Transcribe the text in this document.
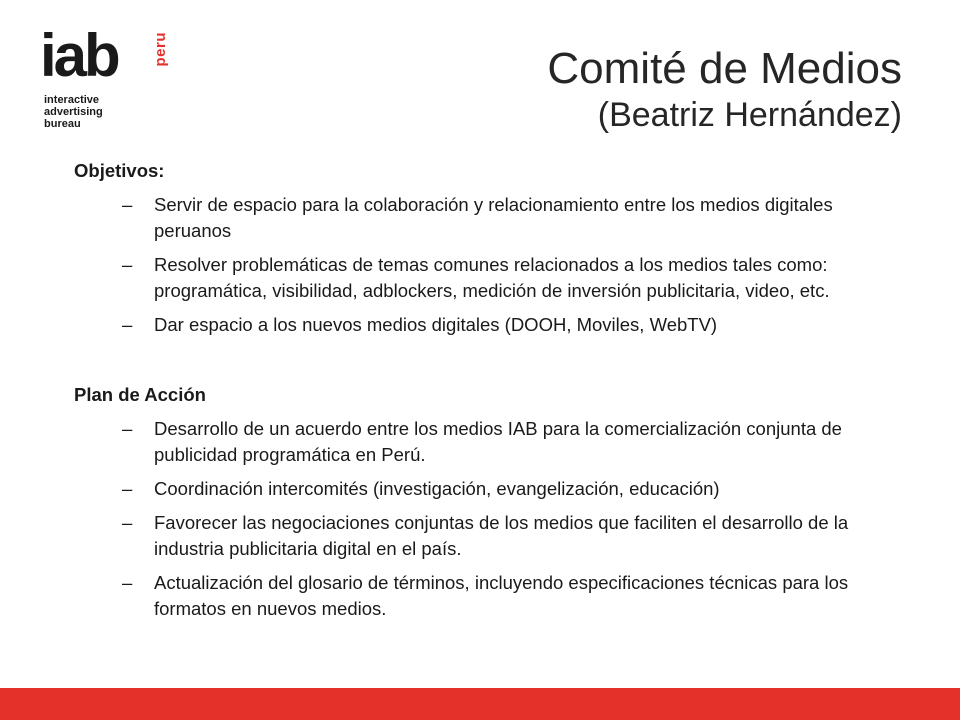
iab peru
interactive
advertising
bureau
Comité de Medios
(Beatriz Hernández)
Objetivos:
– Servir de espacio para la colaboración y relacionamiento entre los medios digitales peruanos
– Resolver problemáticas de temas comunes relacionados a los medios tales como: programática, visibilidad, adblockers, medición de inversión publicitaria, video, etc.
– Dar espacio a los nuevos medios digitales (DOOH, Moviles, WebTV)
Plan de Acción
– Desarrollo de un acuerdo entre los medios IAB para la comercialización conjunta de publicidad programática en Perú.
– Coordinación intercomités (investigación, evangelización, educación)
– Favorecer las negociaciones conjuntas de los medios que faciliten el desarrollo de la industria publicitaria digital en el país.
– Actualización del glosario de términos, incluyendo especificaciones técnicas para los formatos en nuevos medios.
